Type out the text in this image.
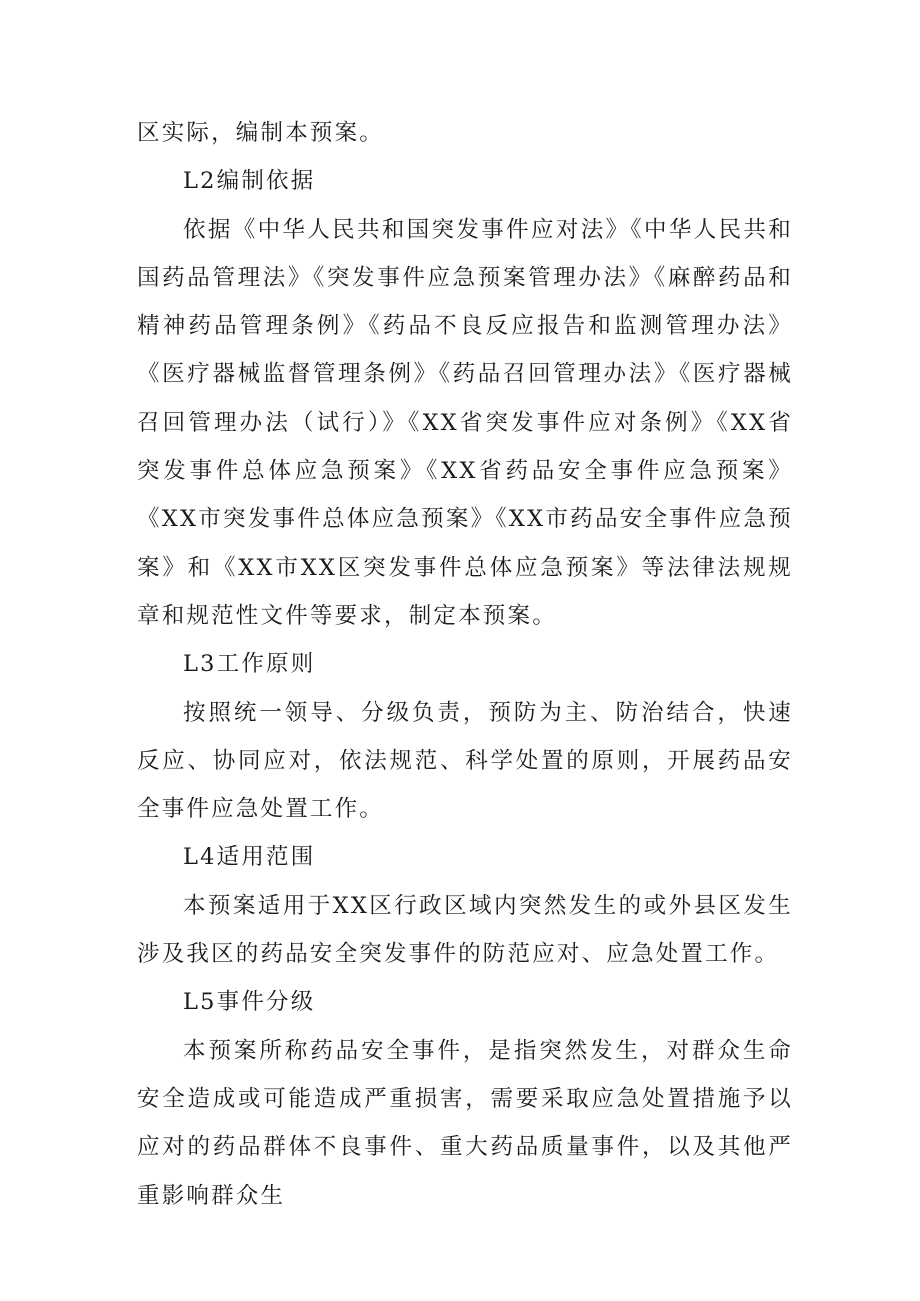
区实际，编制本预案。

L2编制依据

依据《中华人民共和国突发事件应对法》《中华人民共和国药品管理法》《突发事件应急预案管理办法》《麻醉药品和精神药品管理条例》《药品不良反应报告和监测管理办法》《医疗器械监督管理条例》《药品召回管理办法》《医疗器械召回管理办法（试行）》《XX省突发事件应对条例》《XX省突发事件总体应急预案》《XX省药品安全事件应急预案》《XX市突发事件总体应急预案》《XX市药品安全事件应急预案》和《XX市XX区突发事件总体应急预案》等法律法规规章和规范性文件等要求，制定本预案。

L3工作原则

按照统一领导、分级负责，预防为主、防治结合，快速反应、协同应对，依法规范、科学处置的原则，开展药品安全事件应急处置工作。

L4适用范围

本预案适用于XX区行政区域内突然发生的或外县区发生涉及我区的药品安全突发事件的防范应对、应急处置工作。

L5事件分级

本预案所称药品安全事件，是指突然发生，对群众生命安全造成或可能造成严重损害，需要采取应急处置措施予以应对的药品群体不良事件、重大药品质量事件，以及其他严重影响群众生
